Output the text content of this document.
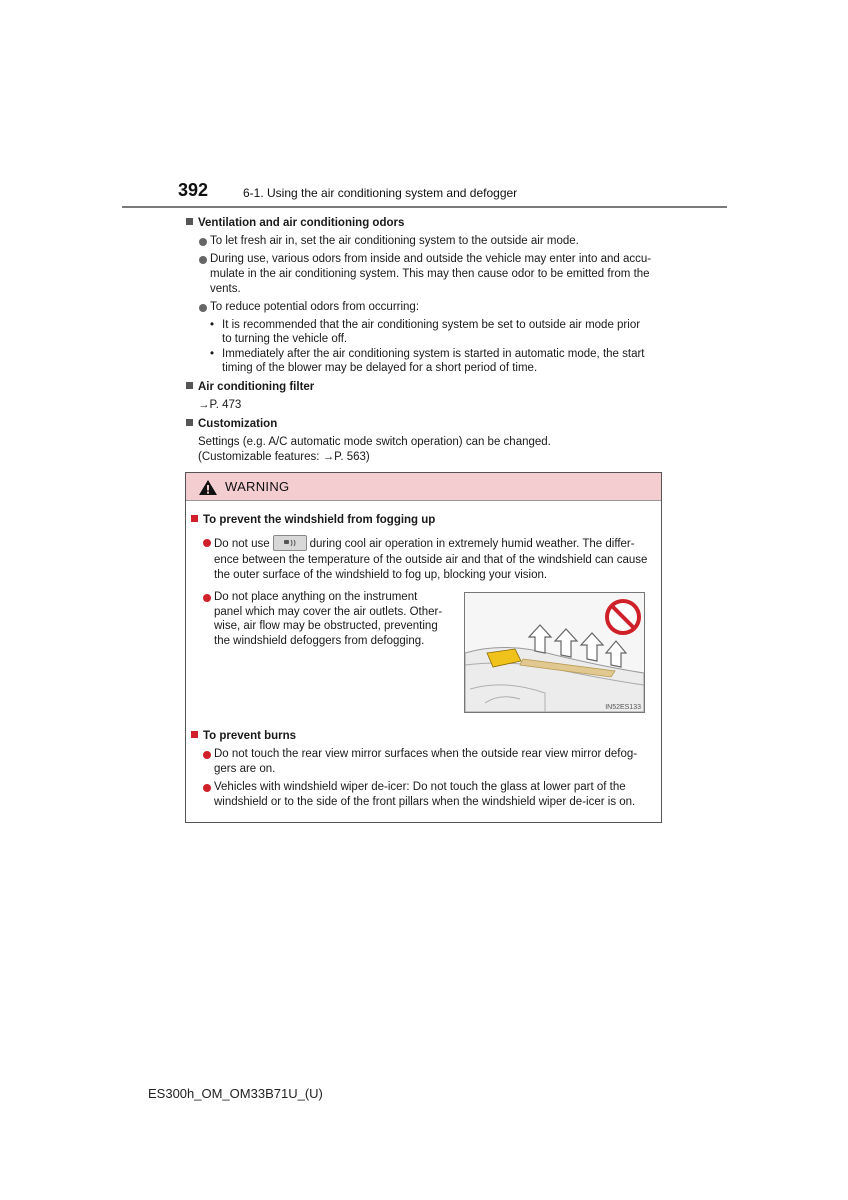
392	6-1. Using the air conditioning system and defogger
Ventilation and air conditioning odors
To let fresh air in, set the air conditioning system to the outside air mode.
During use, various odors from inside and outside the vehicle may enter into and accu-
mulate in the air conditioning system. This may then cause odor to be emitted from the
vents.
To reduce potential odors from occurring:
• It is recommended that the air conditioning system be set to outside air mode prior
to turning the vehicle off.
• Immediately after the air conditioning system is started in automatic mode, the start
timing of the blower may be delayed for a short period of time.
Air conditioning filter
→P. 473
Customization
Settings (e.g. A/C automatic mode switch operation) can be changed.
(Customizable features: →P. 563)
WARNING
To prevent the windshield from fogging up
Do not use	during cool air operation in extremely humid weather. The differ-
ence between the temperature of the outside air and that of the windshield can cause
the outer surface of the windshield to fog up, blocking your vision.
Do not place anything on the instrument
panel which may cover the air outlets. Other-
wise, air flow may be obstructed, preventing
the windshield defoggers from defogging.
To prevent burns
Do not touch the rear view mirror surfaces when the outside rear view mirror defog-
gers are on.
Vehicles with windshield wiper de-icer: Do not touch the glass at lower part of the
windshield or to the side of the front pillars when the windshield wiper de-icer is on.
IN52ES133
ES300h_OM_OM33B71U_(U)
